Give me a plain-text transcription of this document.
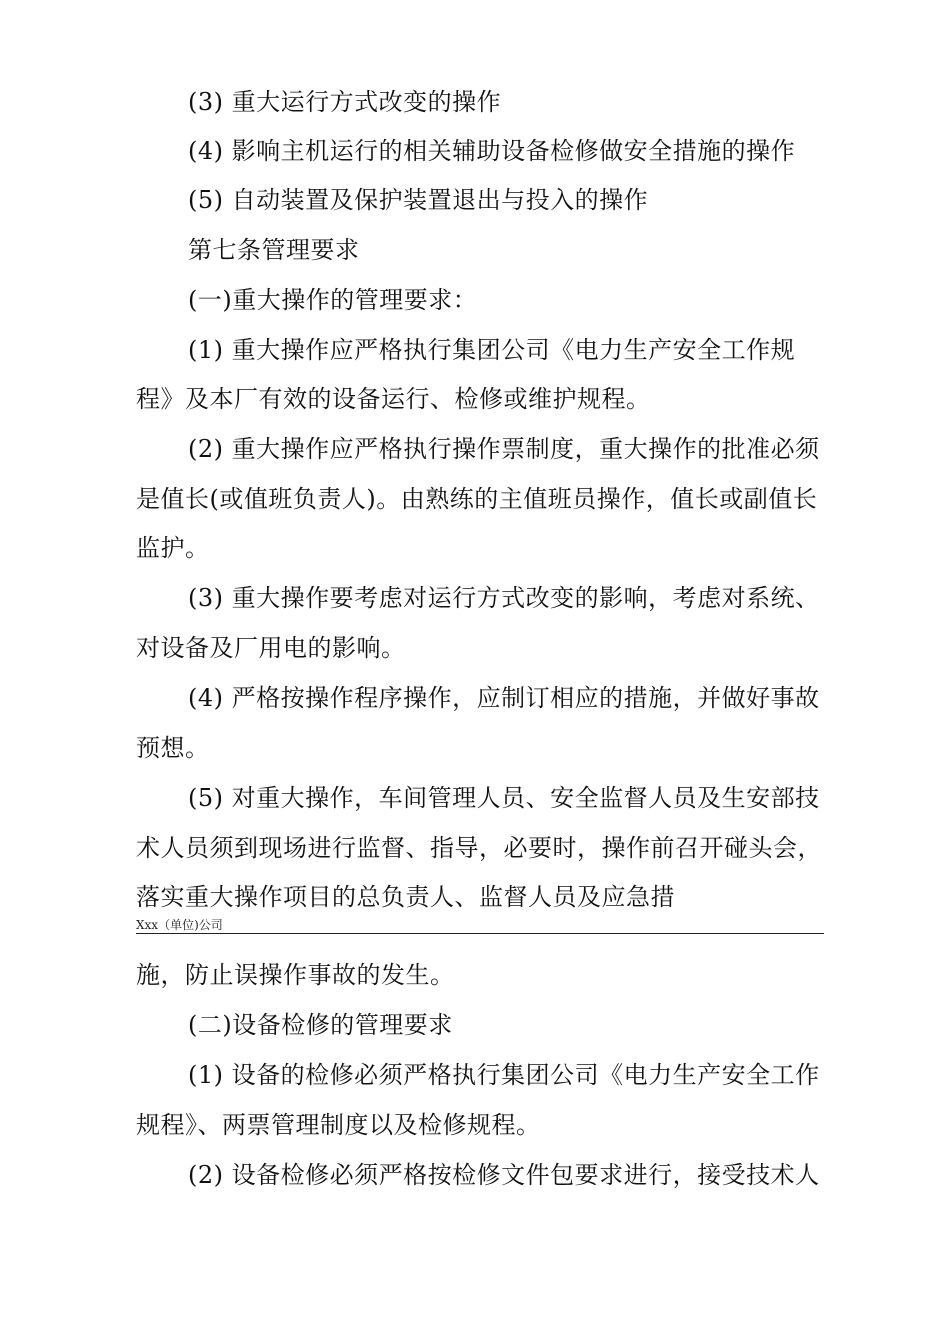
(3) 重大运行方式改变的操作

(4) 影响主机运行的相关辅助设备检修做安全措施的操作

(5) 自动装置及保护装置退出与投入的操作

第七条管理要求

(一)重大操作的管理要求：

(1) 重大操作应严格执行集团公司《电力生产安全工作规

程》及本厂有效的设备运行、检修或维护规程。

(2) 重大操作应严格执行操作票制度，重大操作的批准必须

是值长(或值班负责人)。由熟练的主值班员操作，值长或副值长

监护。

(3) 重大操作要考虑对运行方式改变的影响，考虑对系统、

对设备及厂用电的影响。

(4) 严格按操作程序操作，应制订相应的措施，并做好事故

预想。

(5) 对重大操作，车间管理人员、安全监督人员及生安部技

术人员须到现场进行监督、指导，必要时，操作前召开碰头会，

落实重大操作项目的总负责人、监督人员及应急措

Xxx（单位)公司

施，防止误操作事故的发生。

(二)设备检修的管理要求

(1) 设备的检修必须严格执行集团公司《电力生产安全工作

规程》、两票管理制度以及检修规程。

(2) 设备检修必须严格按检修文件包要求进行，接受技术人
